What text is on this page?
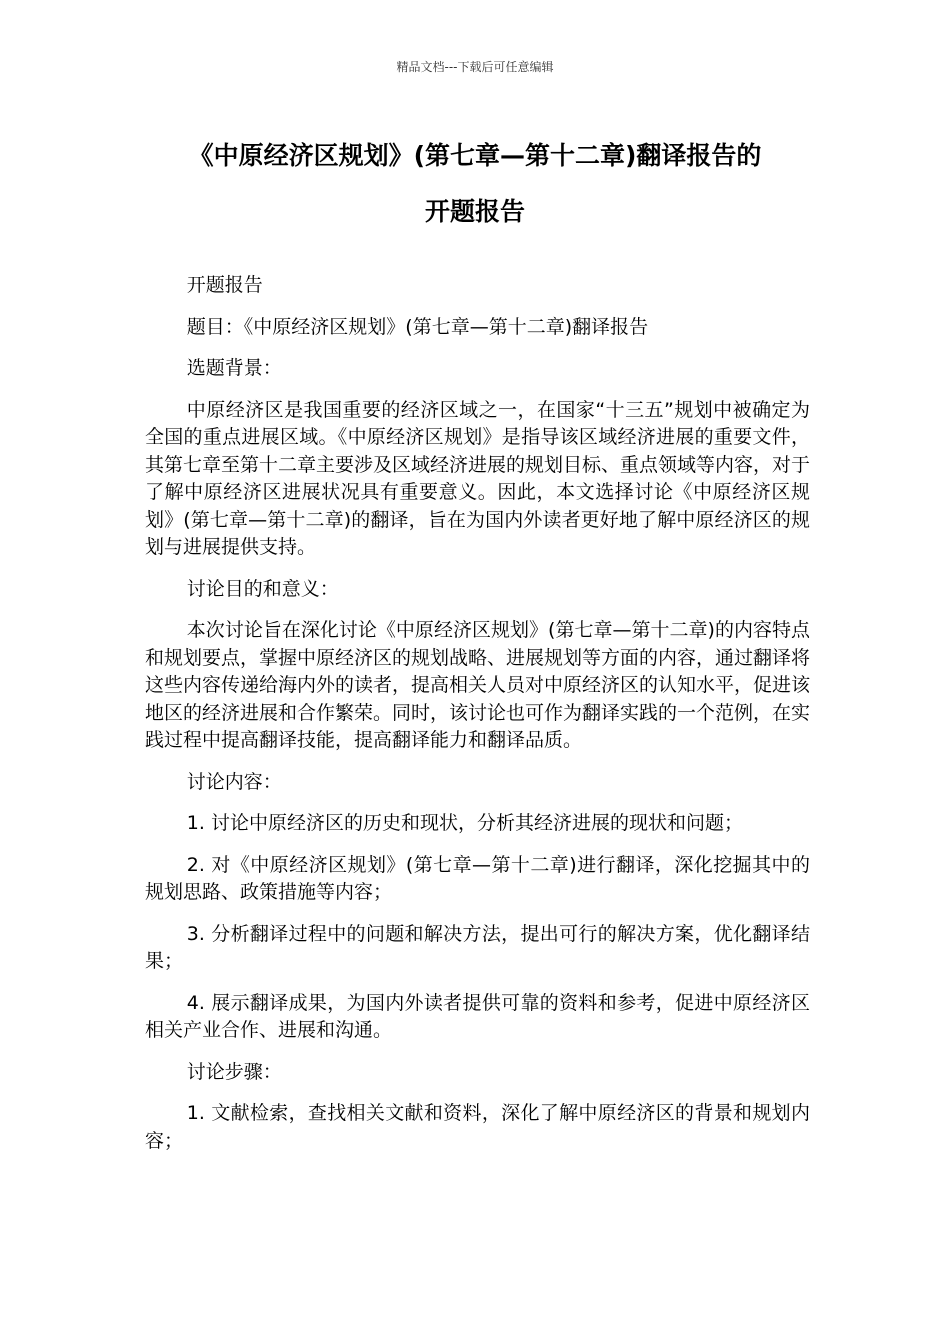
精品文档---下载后可任意编辑
《中原经济区规划》(第七章—第十二章)翻译报告的
开题报告

开题报告

题目：《中原经济区规划》(第七章—第十二章)翻译报告

选题背景：

中原经济区是我国重要的经济区域之一，在国家“十三五”规划中被确定为全国的重点进展区域。《中原经济区规划》是指导该区域经济进展的重要文件，其第七章至第十二章主要涉及区域经济进展的规划目标、重点领域等内容，对于了解中原经济区进展状况具有重要意义。因此，本文选择讨论《中原经济区规划》(第七章—第十二章)的翻译，旨在为国内外读者更好地了解中原经济区的规划与进展提供支持。

讨论目的和意义：

本次讨论旨在深化讨论《中原经济区规划》(第七章—第十二章)的内容特点和规划要点，掌握中原经济区的规划战略、进展规划等方面的内容，通过翻译将这些内容传递给海内外的读者，提高相关人员对中原经济区的认知水平，促进该地区的经济进展和合作繁荣。同时，该讨论也可作为翻译实践的一个范例，在实践过程中提高翻译技能，提高翻译能力和翻译品质。

讨论内容：

1. 讨论中原经济区的历史和现状，分析其经济进展的现状和问题；

2. 对《中原经济区规划》(第七章—第十二章)进行翻译，深化挖掘其中的规划思路、政策措施等内容；

3. 分析翻译过程中的问题和解决方法，提出可行的解决方案，优化翻译结果；

4. 展示翻译成果，为国内外读者提供可靠的资料和参考，促进中原经济区相关产业合作、进展和沟通。

讨论步骤：

1. 文献检索，查找相关文献和资料，深化了解中原经济区的背景和规划内容；
